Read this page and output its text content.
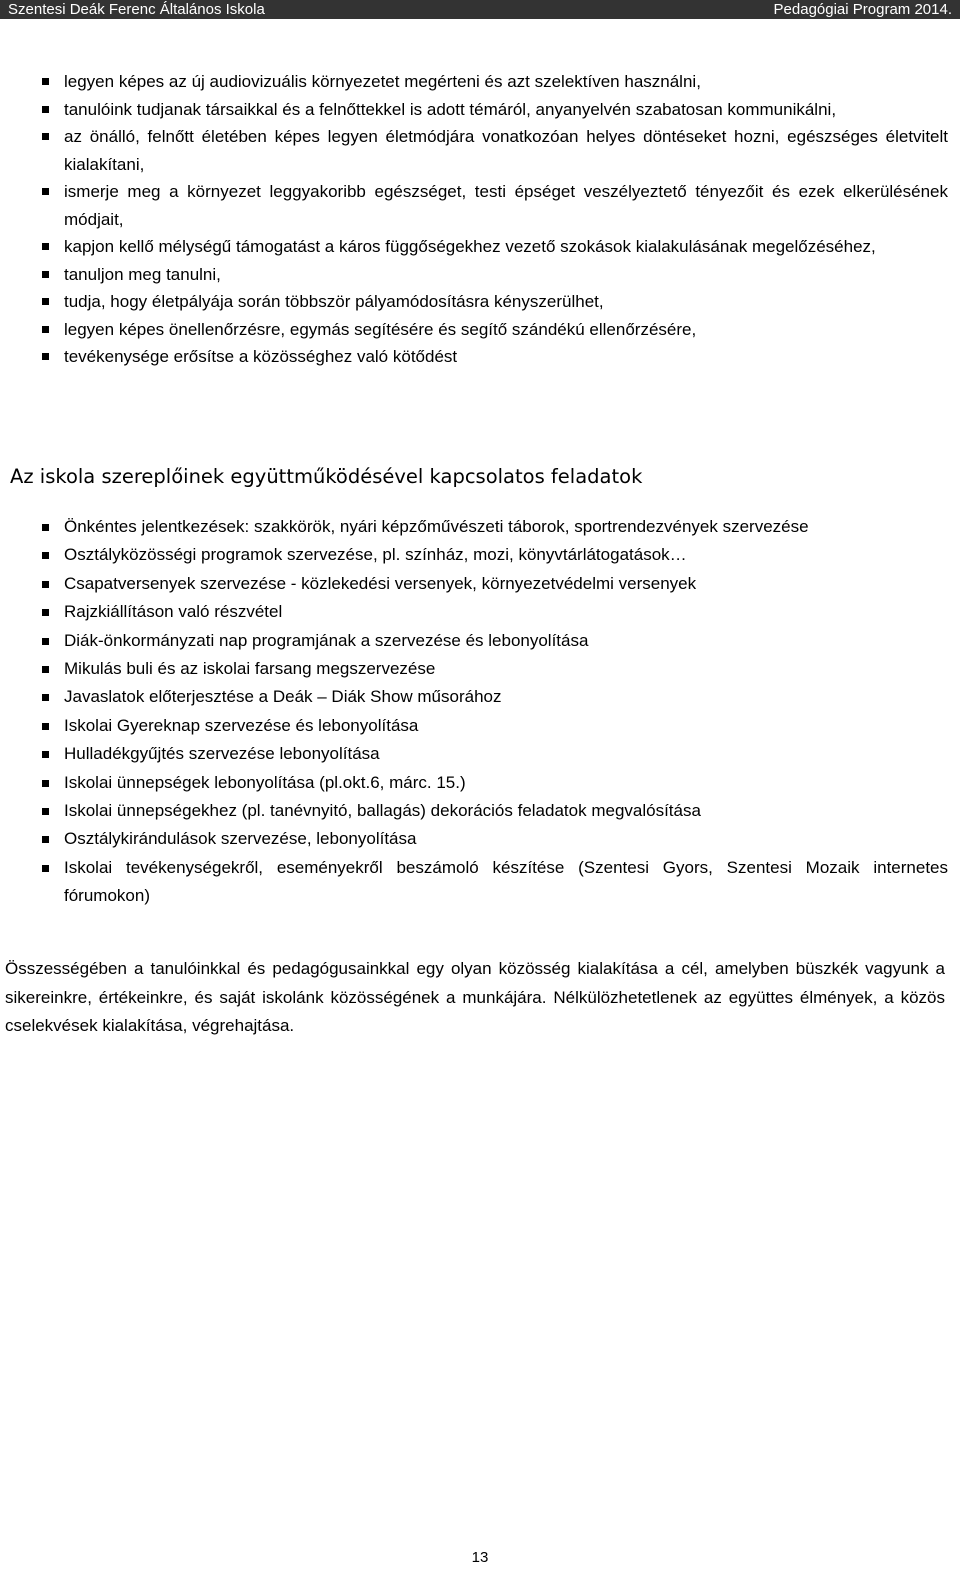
Szentesi Deák Ferenc Általános Iskola	Pedagógiai Program 2014.
legyen képes az új audiovizuális környezetet megérteni és azt szelektíven használni,
tanulóink tudjanak társaikkal és a felnőttekkel is adott témáról, anyanyelvén szabatosan kommunikálni,
az önálló, felnőtt életében képes legyen életmódjára vonatkozóan helyes döntéseket hozni, egészséges életvitelt kialakítani,
ismerje meg a környezet leggyakoribb egészséget, testi épséget veszélyeztető tényezőit és ezek elkerülésének módjait,
kapjon kellő mélységű támogatást a káros függőségekhez vezető szokások kialakulásának megelőzéséhez,
tanuljon meg tanulni,
tudja, hogy életpályája során többször pályamódosításra kényszerülhet,
legyen képes önellenőrzésre, egymás segítésére és segítő szándékú ellenőrzésére,
tevékenysége erősítse a közösséghez való kötődést
Az iskola szereplőinek együttműködésével kapcsolatos feladatok
Önkéntes jelentkezések: szakkörök, nyári képzőművészeti táborok, sportrendezvények szervezése
Osztályközösségi programok szervezése, pl. színház, mozi, könyvtárlátogatások…
Csapatversenyek szervezése - közlekedési versenyek, környezetvédelmi versenyek
Rajzkiállításon való részvétel
Diák-önkormányzati nap programjának a szervezése és lebonyolítása
Mikulás buli és az iskolai farsang megszervezése
Javaslatok előterjesztése a Deák – Diák Show műsorához
Iskolai Gyereknap szervezése és lebonyolítása
Hulladékgyűjtés szervezése lebonyolítása
Iskolai ünnepségek lebonyolítása (pl.okt.6, márc. 15.)
Iskolai ünnepségekhez (pl. tanévnyitó, ballagás) dekorációs feladatok megvalósítása
Osztálykirándulások szervezése, lebonyolítása
Iskolai tevékenységekről, eseményekről beszámoló készítése (Szentesi Gyors, Szentesi Mozaik internetes fórumokon)

Összességében a tanulóinkkal és pedagógusainkkal egy olyan közösség kialakítása a cél, amelyben büszkék vagyunk a sikereinkre, értékeinkre, és saját iskolánk közösségének a munkájára. Nélkülözhetetlenek az együttes élmények, a közös cselekvések kialakítása, végrehajtása.

13
